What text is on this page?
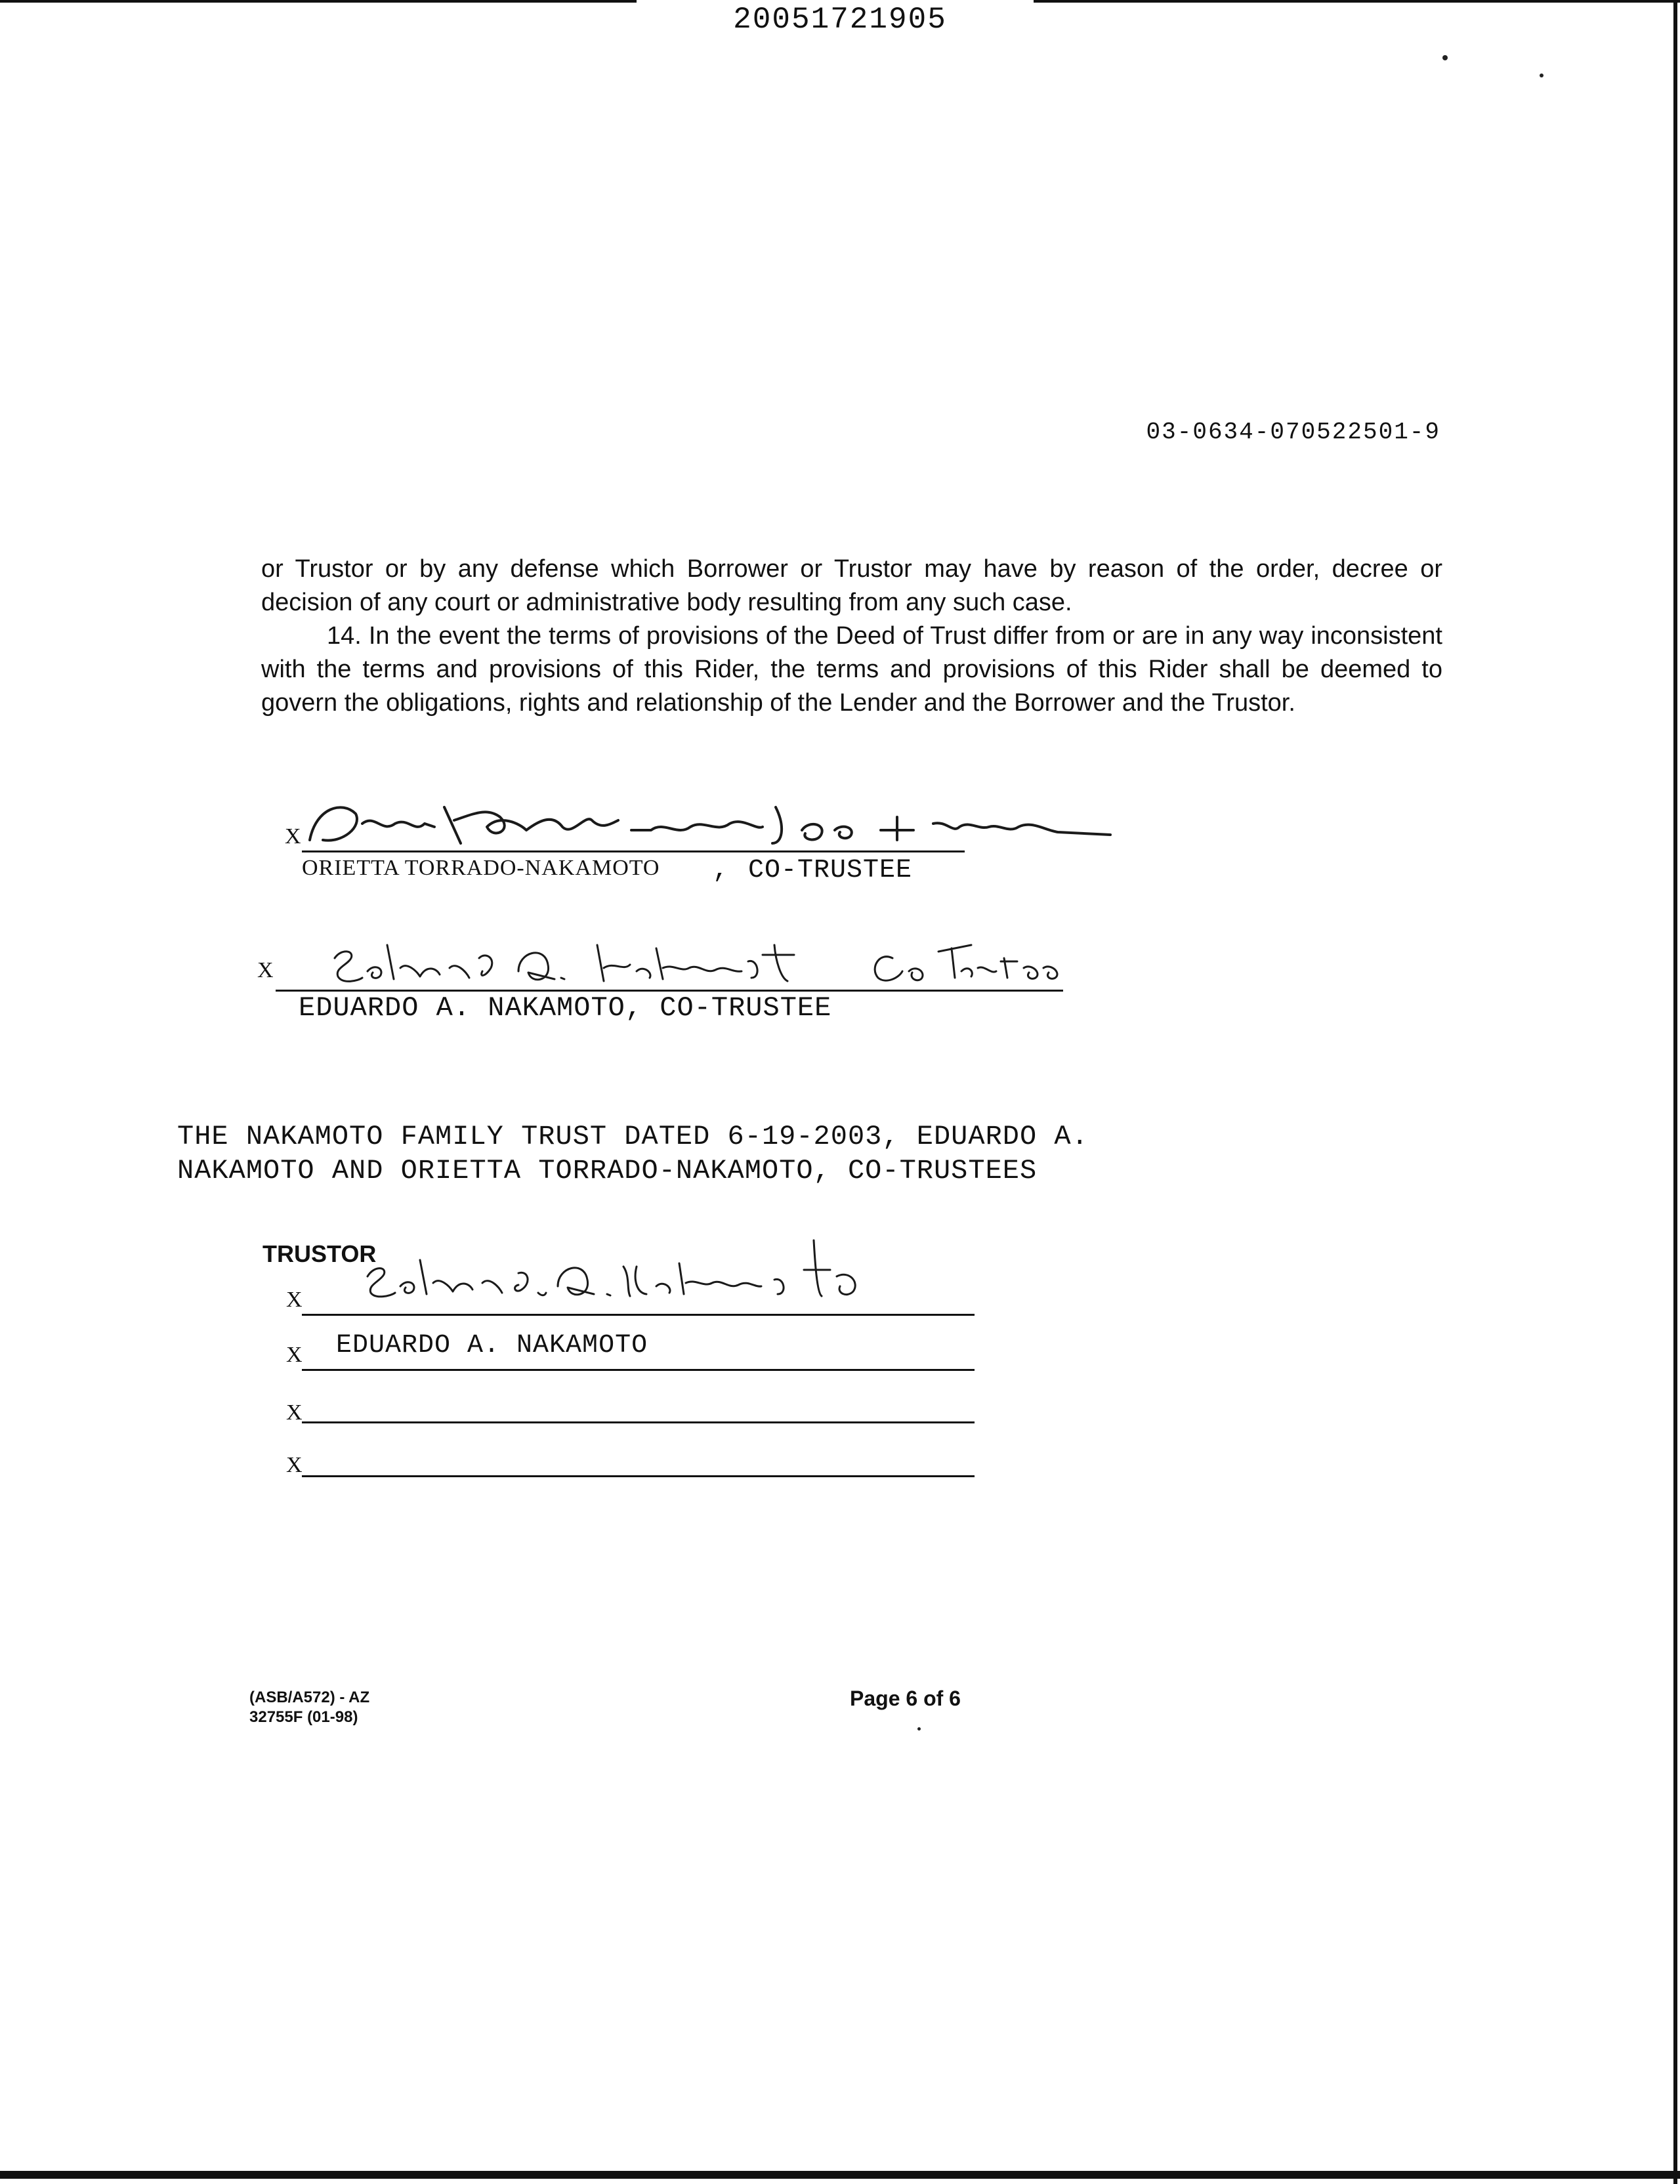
20051721905
03-0634-070522501-9

or Trustor or by any defense which Borrower or Trustor may have by reason of the order, decree or decision of any court or administrative body resulting from any such case.

14. In the event the terms of provisions of the Deed of Trust differ from or are in any way inconsistent with the terms and provisions of this Rider, the terms and provisions of this Rider shall be deemed to govern the obligations, rights and relationship of the Lender and the Borrower and the Trustor.

X
ORIETTA TORRADO-NAKAMOTO , CO-TRUSTEE
X
EDUARDO A. NAKAMOTO, CO-TRUSTEE
THE NAKAMOTO FAMILY TRUST DATED 6-19-2003, EDUARDO A.
NAKAMOTO AND ORIETTA TORRADO-NAKAMOTO, CO-TRUSTEES
TRUSTOR
X
X EDUARDO A. NAKAMOTO
X
X
(ASB/A572) - AZ
32755F (01-98)
Page 6 of 6
